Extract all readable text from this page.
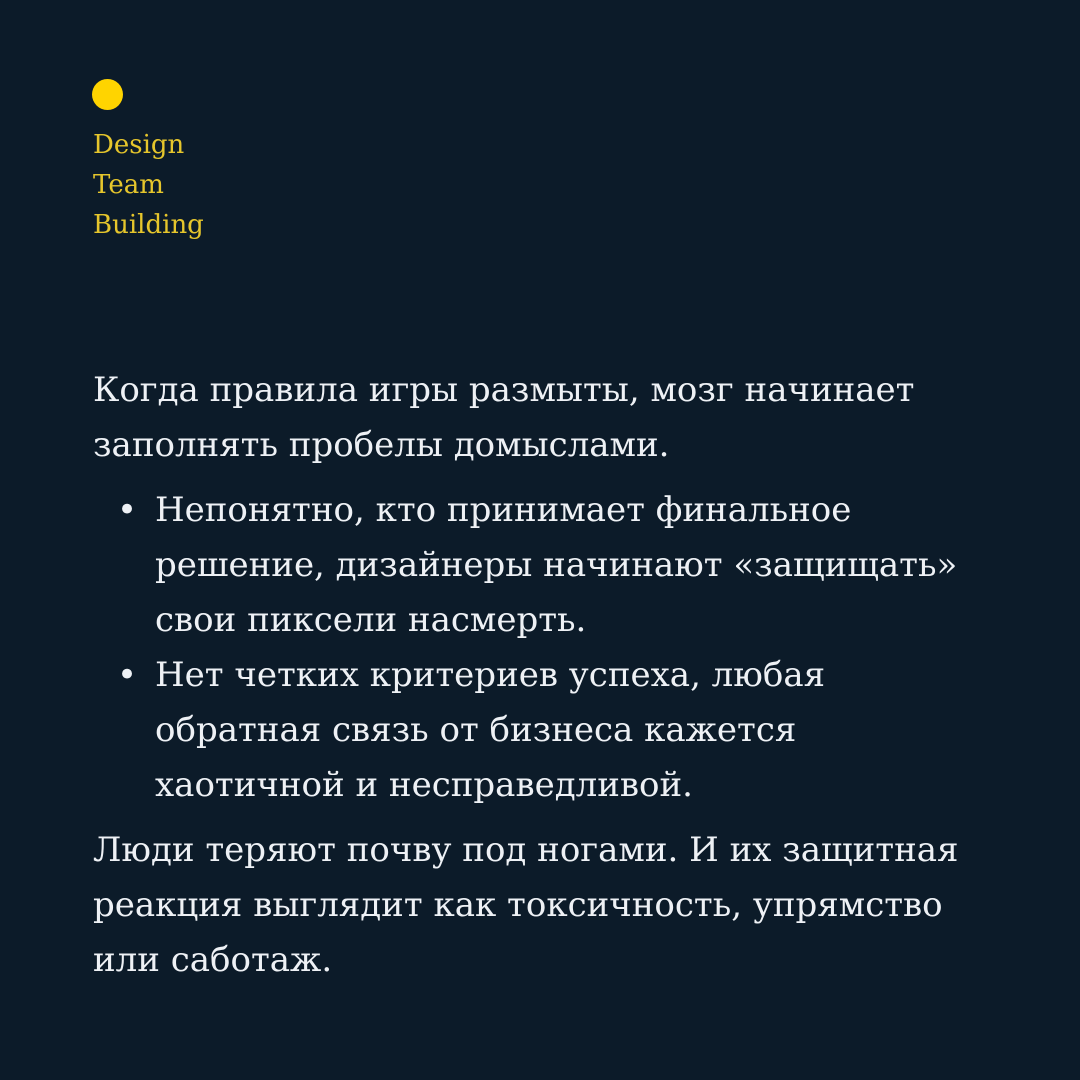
Design
Team
Building

Когда правила игры размыты, мозг начинает заполнять пробелы домыслами.

• Непонятно, кто принимает финальное решение, дизайнеры начинают «защищать» свои пиксели насмерть.
• Нет четких критериев успеха, любая обратная связь от бизнеса кажется хаотичной и несправедливой.

Люди теряют почву под ногами. И их защитная реакция выглядит как токсичность, упрямство или саботаж.
